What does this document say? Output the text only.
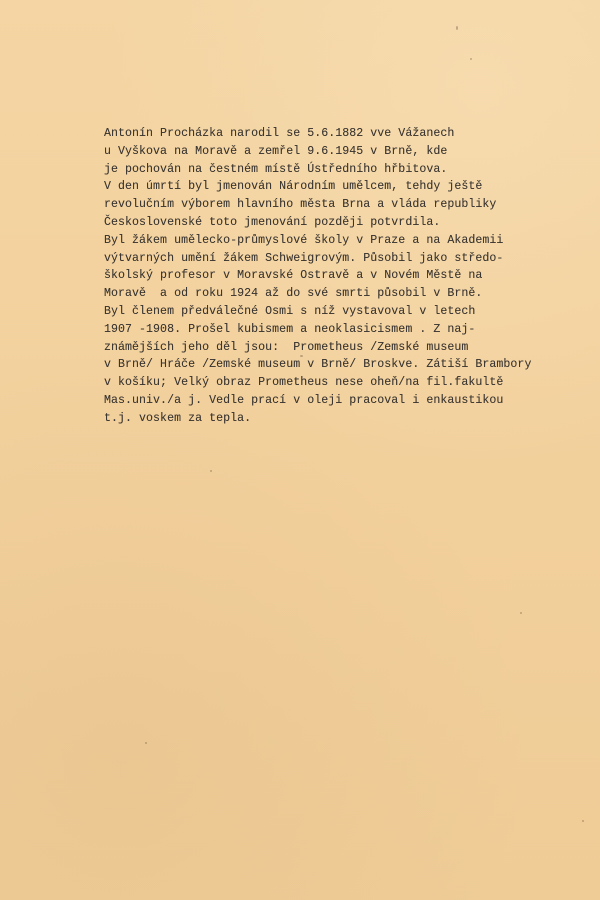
Antonín Procházka narodil se 5.6.1882 vve Vážanech
u Vyškova na Moravě a zemřel 9.6.1945 v Brně, kde
je pochován na čestném místě Ústředního hřbitova.
V den úmrtí byl jmenován Národním umělcem, tehdy ještě
revolučním výborem hlavního města Brna a vláda republiky
Československé toto jmenování později potvrdila.
Byl žákem umělecko-průmyslové školy v Praze a na Akademii
výtvarných umění žákem Schweigrovým. Působil jako středo-
školský profesor v Moravské Ostravě a v Novém Městě na
Moravě  a od roku 1924 až do své smrti působil v Brně.
Byl členem předválečné Osmi s níž vystavoval v letech
1907 -1908. Prošel kubismem a neoklasicismem . Z naj-
známějších jeho děl jsou:  Prometheus /Zemské museum
v Brně/ Hráče /Zemské museum v Brně/ Broskve. Zátiší Brambory
v košíku; Velký obraz Prometheus nese oheň/na fil.fakultě
Mas.univ./a j. Vedle prací v oleji pracoval i enkaustikou
t.j. voskem za tepla.
